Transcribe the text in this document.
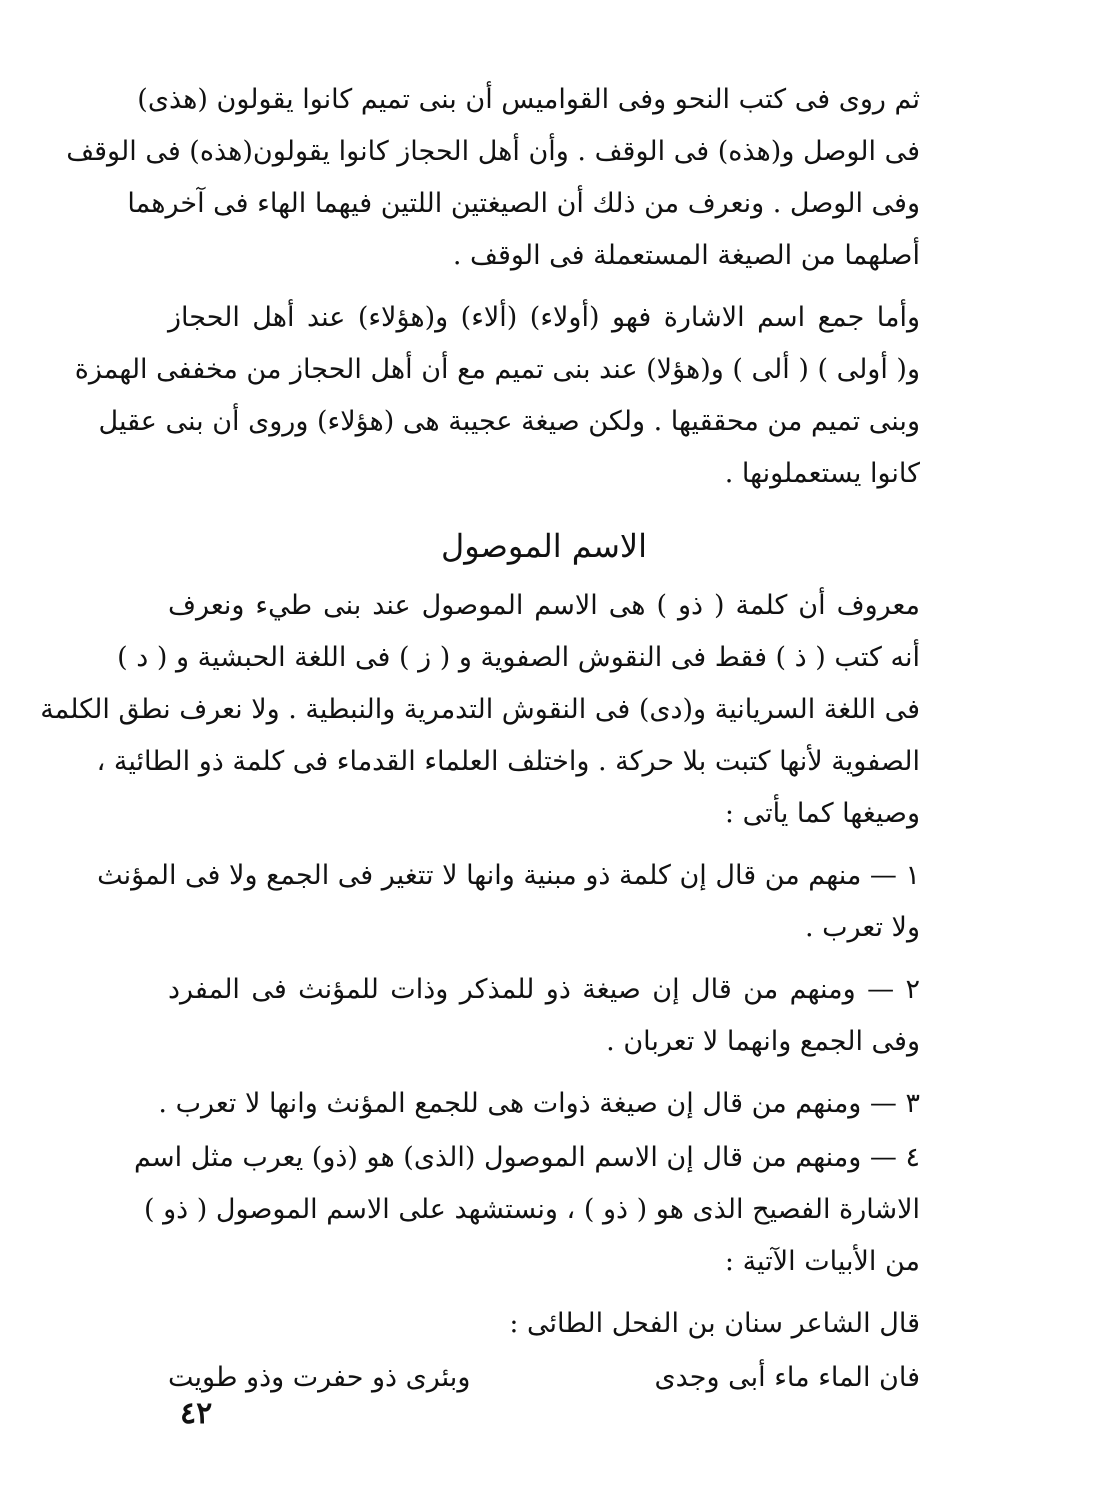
ثم روى فى كتب النحو وفى القواميس أن بنى تميم كانوا يقولون (هذى)
فى الوصل و(هذه) فى الوقف . وأن أهل الحجاز كانوا يقولون(هذه) فى الوقف
وفى الوصل . ونعرف من ذلك أن الصيغتين اللتين فيهما الهاء فى آخرهما
أصلهما من الصيغة المستعملة فى الوقف .
وأما جمع اسم الاشارة فهو (أولاء) (ألاء) و(هؤلاء) عند أهل الحجاز
و( أولى ) ( ألى ) و(هؤلا) عند بنى تميم مع أن أهل الحجاز من مخففى الهمزة
وبنى تميم من محققيها . ولكن صيغة عجيبة هى (هؤلاء) وروى أن بنى عقيل
كانوا يستعملونها .
الاسم الموصول
معروف أن كلمة ( ذو ) هى الاسم الموصول عند بنى طيء ونعرف
أنه كتب ( ذ ) فقط فى النقوش الصفوية و ( ز ) فى اللغة الحبشية و ( د )
فى اللغة السريانية و(دى) فى النقوش التدمرية والنبطية . ولا نعرف نطق الكلمة
الصفوية لأنها كتبت بلا حركة . واختلف العلماء القدماء فى كلمة ذو الطائية ،
وصيغها كما يأتى :
١ — منهم من قال إن كلمة ذو مبنية وانها لا تتغير فى الجمع ولا فى المؤنث
ولا تعرب .
٢ — ومنهم من قال إن صيغة ذو للمذكر وذات للمؤنث فى المفرد
وفى الجمع وانهما لا تعربان .
٣ — ومنهم من قال إن صيغة ذوات هى للجمع المؤنث وانها لا تعرب .
٤ — ومنهم من قال إن الاسم الموصول (الذى) هو (ذو) يعرب مثل اسم
الاشارة الفصيح الذى هو ( ذو ) ، ونستشهد على الاسم الموصول ( ذو )
من الأبيات الآتية :
قال الشاعر سنان بن الفحل الطائى :
فان الماء ماء أبى وجدى
وبئرى ذو حفرت وذو طويت
٤٢
